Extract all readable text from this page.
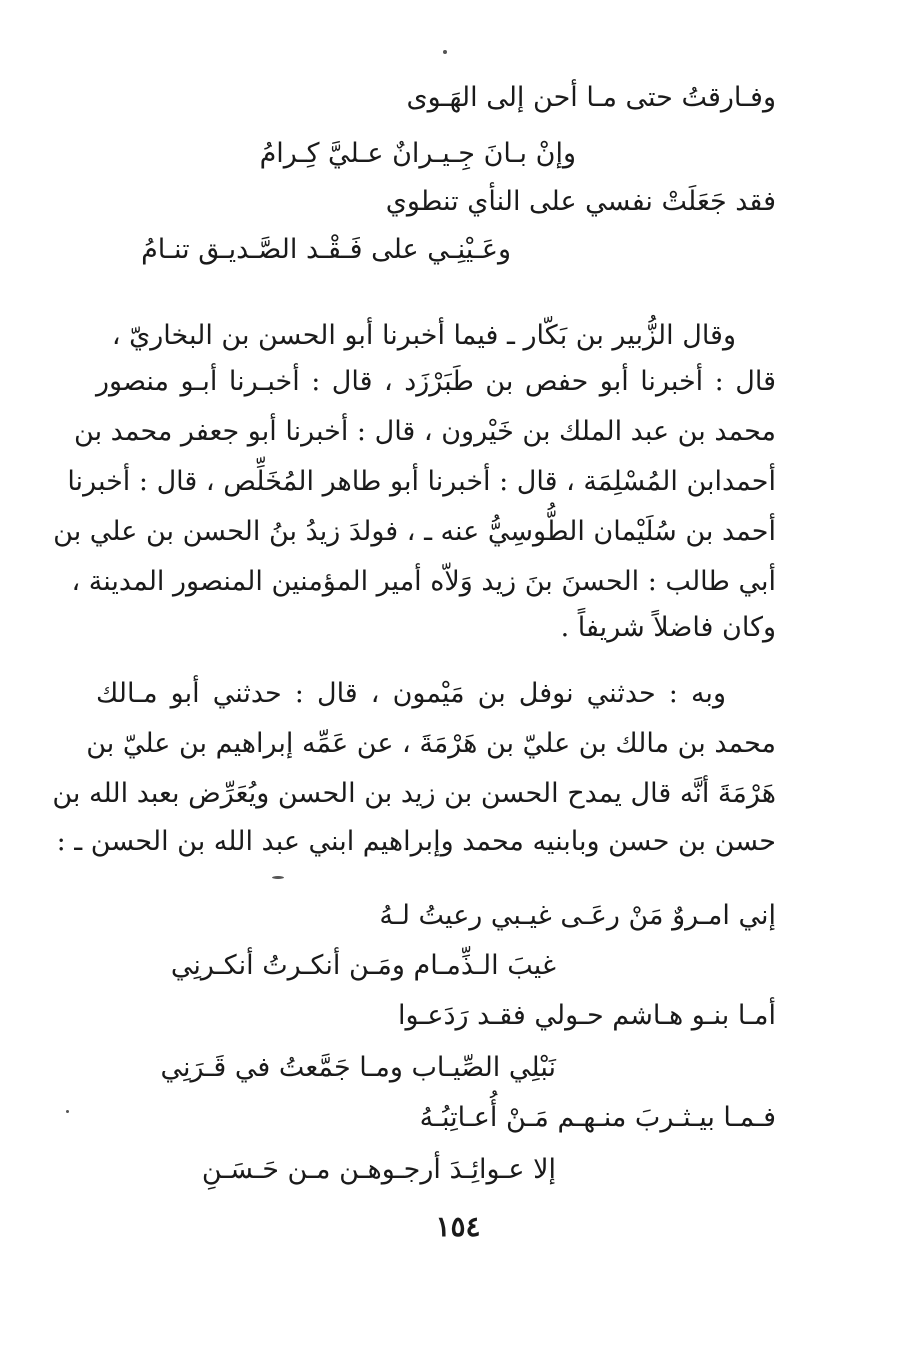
وفـارقتُ حتى مـا أحن إلى الهَـوى
وإنْ بـانَ جِـيـرانٌ عـليَّ كِـرامُ
فقد جَعَلَتْ نفسي على النأي تنطوي
وعَـيْنِـي على فَـقْـد الصَّـديـق تنـامُ
وقال الزُّبير بن بَكّار ـ فيما أخبرنا أبو الحسن بن البخاريّ ،
قال : أخبرنا أبو حفص بن طَبَرْزَد ، قال : أخبـرنا أبـو منصور
محمد بن عبد الملك بن خَيْرون ، قال : أخبرنا أبو جعفر محمد بن
أحمدابن المُسْلِمَة ، قال : أخبرنا أبو طاهر المُخَلِّص ، قال : أخبرنا
أحمد بن سُلَيْمان الطُّوسِيُّ عنه ـ ، فولدَ زيدُ بنُ الحسن بن علي بن
أبي طالب : الحسنَ بنَ زيد وَلاّه أمير المؤمنين المنصور المدينة ،
وكان فاضلاً شريفاً .
وبه : حدثني نوفل بن مَيْمون ، قال : حدثني أبو مـالك
محمد بن مالك بن عليّ بن هَرْمَةَ ، عن عَمِّه إبراهيم بن عليّ بن
هَرْمَةَ أنَّه قال يمدح الحسن بن زيد بن الحسن ويُعَرِّض بعبد الله بن
حسن بن حسن وبابنيه محمد وإبراهيم ابني عبد الله بن الحسن ـ :
إني امـروٌ مَنْ رعَـى غيـبي رعيتُ لـهُ
غيبَ الـذِّمـام ومَـن أنكـرتُ أنكـرنِي
أمـا بنـو هـاشم حـولي فقـد رَدَعـوا
نَبْلِي الصِّيـاب ومـا جَمَّعتُ في قَـرَنِي
فـمـا بيـثـربَ منـهـم مَـنْ أُعـاتِبُـهُ
إلا عـوائِـدَ أرجـوهـن مـن حَـسَـنِ
١٥٤
